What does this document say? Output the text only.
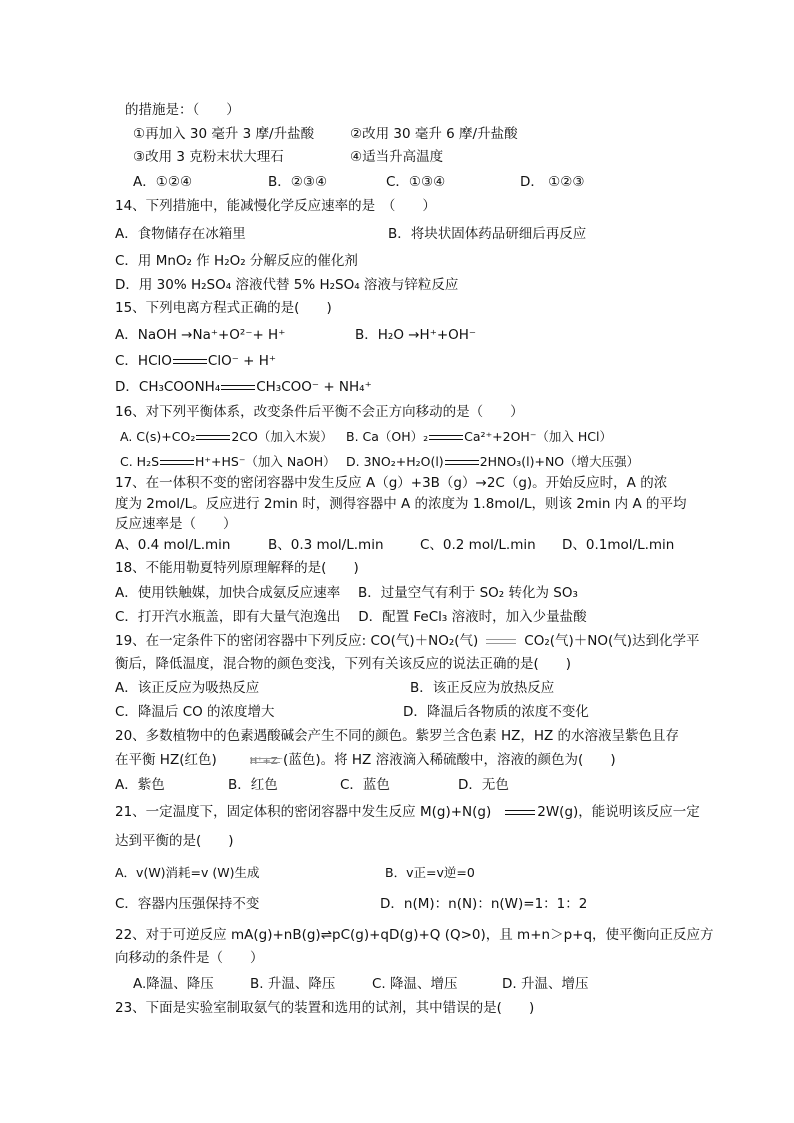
的措施是：（　　）
①再加入 30 毫升 3 摩/升盐酸	②改用 30 毫升 6 摩/升盐酸
③改用 3 克粉末状大理石	④适当升高温度
A．①②④	B．②③④	C．①③④	D． ①②③
14、下列措施中，能减慢化学反应速率的是　（　　）
A．食物储存在冰箱里	B．将块状固体药品研细后再反应
C．用 MnO₂ 作 H₂O₂ 分解反应的催化剂
D．用 30% H₂SO₄ 溶液代替 5% H₂SO₄ 溶液与锌粒反应
15、下列电离方程式正确的是(　　)
A．NaOH →Na⁺+O²⁻+ H⁺	B．H₂O →H⁺+OH⁻
C．HClO	ClO⁻ + H⁺
D．CH₃COONH₄	CH₃COO⁻ + NH₄⁺
16、对下列平衡体系，改变条件后平衡不会正方向移动的是（　　）
A. C(s)+CO₂	2CO（加入木炭） B. Ca（OH）₂	Ca²⁺+2OH⁻（加入 HCl）
C. H₂S	H⁺+HS⁻（加入 NaOH） D. 3NO₂+H₂O(l)	2HNO₃(l)+NO（增大压强）
17、在一体积不变的密闭容器中发生反应 A（g）+3B（g）→2C（g)。开始反应时，A 的浓
度为 2mol/L。反应进行 2min 时，测得容器中 A 的浓度为 1.8mol/L，则该 2min 内 A 的平均
反应速率是（　　）
A、0.4 mol/L.min	B、0.3 mol/L.min	C、0.2 mol/L.min D、0.1mol/L.min
18、不能用勒夏特列原理解释的是(　　)
A．使用铁触媒，加快合成氨反应速率　 B．过量空气有利于 SO₂ 转化为 SO₃
C．打开汽水瓶盖，即有大量气泡逸出　 D．配置 FeCl₃ 溶液时，加入少量盐酸
19、在一定条件下的密闭容器中下列反应: CO(气)＋NO₂(气)	CO₂(气)＋NO(气)达到化学平
衡后，降低温度，混合物的颜色变浅，下列有关该反应的说法正确的是(　　)
A．该正反应为吸热反应	B．该正反应为放热反应
C．降温后 CO 的浓度增大	D．降温后各物质的浓度不变化
20、多数植物中的色素遇酸碱会产生不同的颜色。紫罗兰含色素 HZ，HZ 的水溶液呈紫色且存
在平衡 HZ(红色)	H⁺+Z⁻(蓝色)。将 HZ 溶液滴入稀硫酸中，溶液的颜色为(　　)
A．紫色	B．红色	C．蓝色	D．无色
21、一定温度下，固定体积的密闭容器中发生反应 M(g)+N(g)	2W(g)，能说明该反应一定
达到平衡的是(　　)
A．v(W)消耗=v (W)生成	B．v正=v逆=0
C．容器内压强保持不变	D．n(M)：n(N)：n(W)=1：1：2
22、对于可逆反应 mA(g)+nB(g)⇌pC(g)+qD(g)+Q (Q>0)，且 m+n＞p+q，使平衡向正反应方
向移动的条件是（　　）
A.降温、降压	B. 升温、降压	C. 降温、增压	D. 升温、增压
23、下面是实验室制取氨气的装置和选用的试剂，其中错误的是(　　)
